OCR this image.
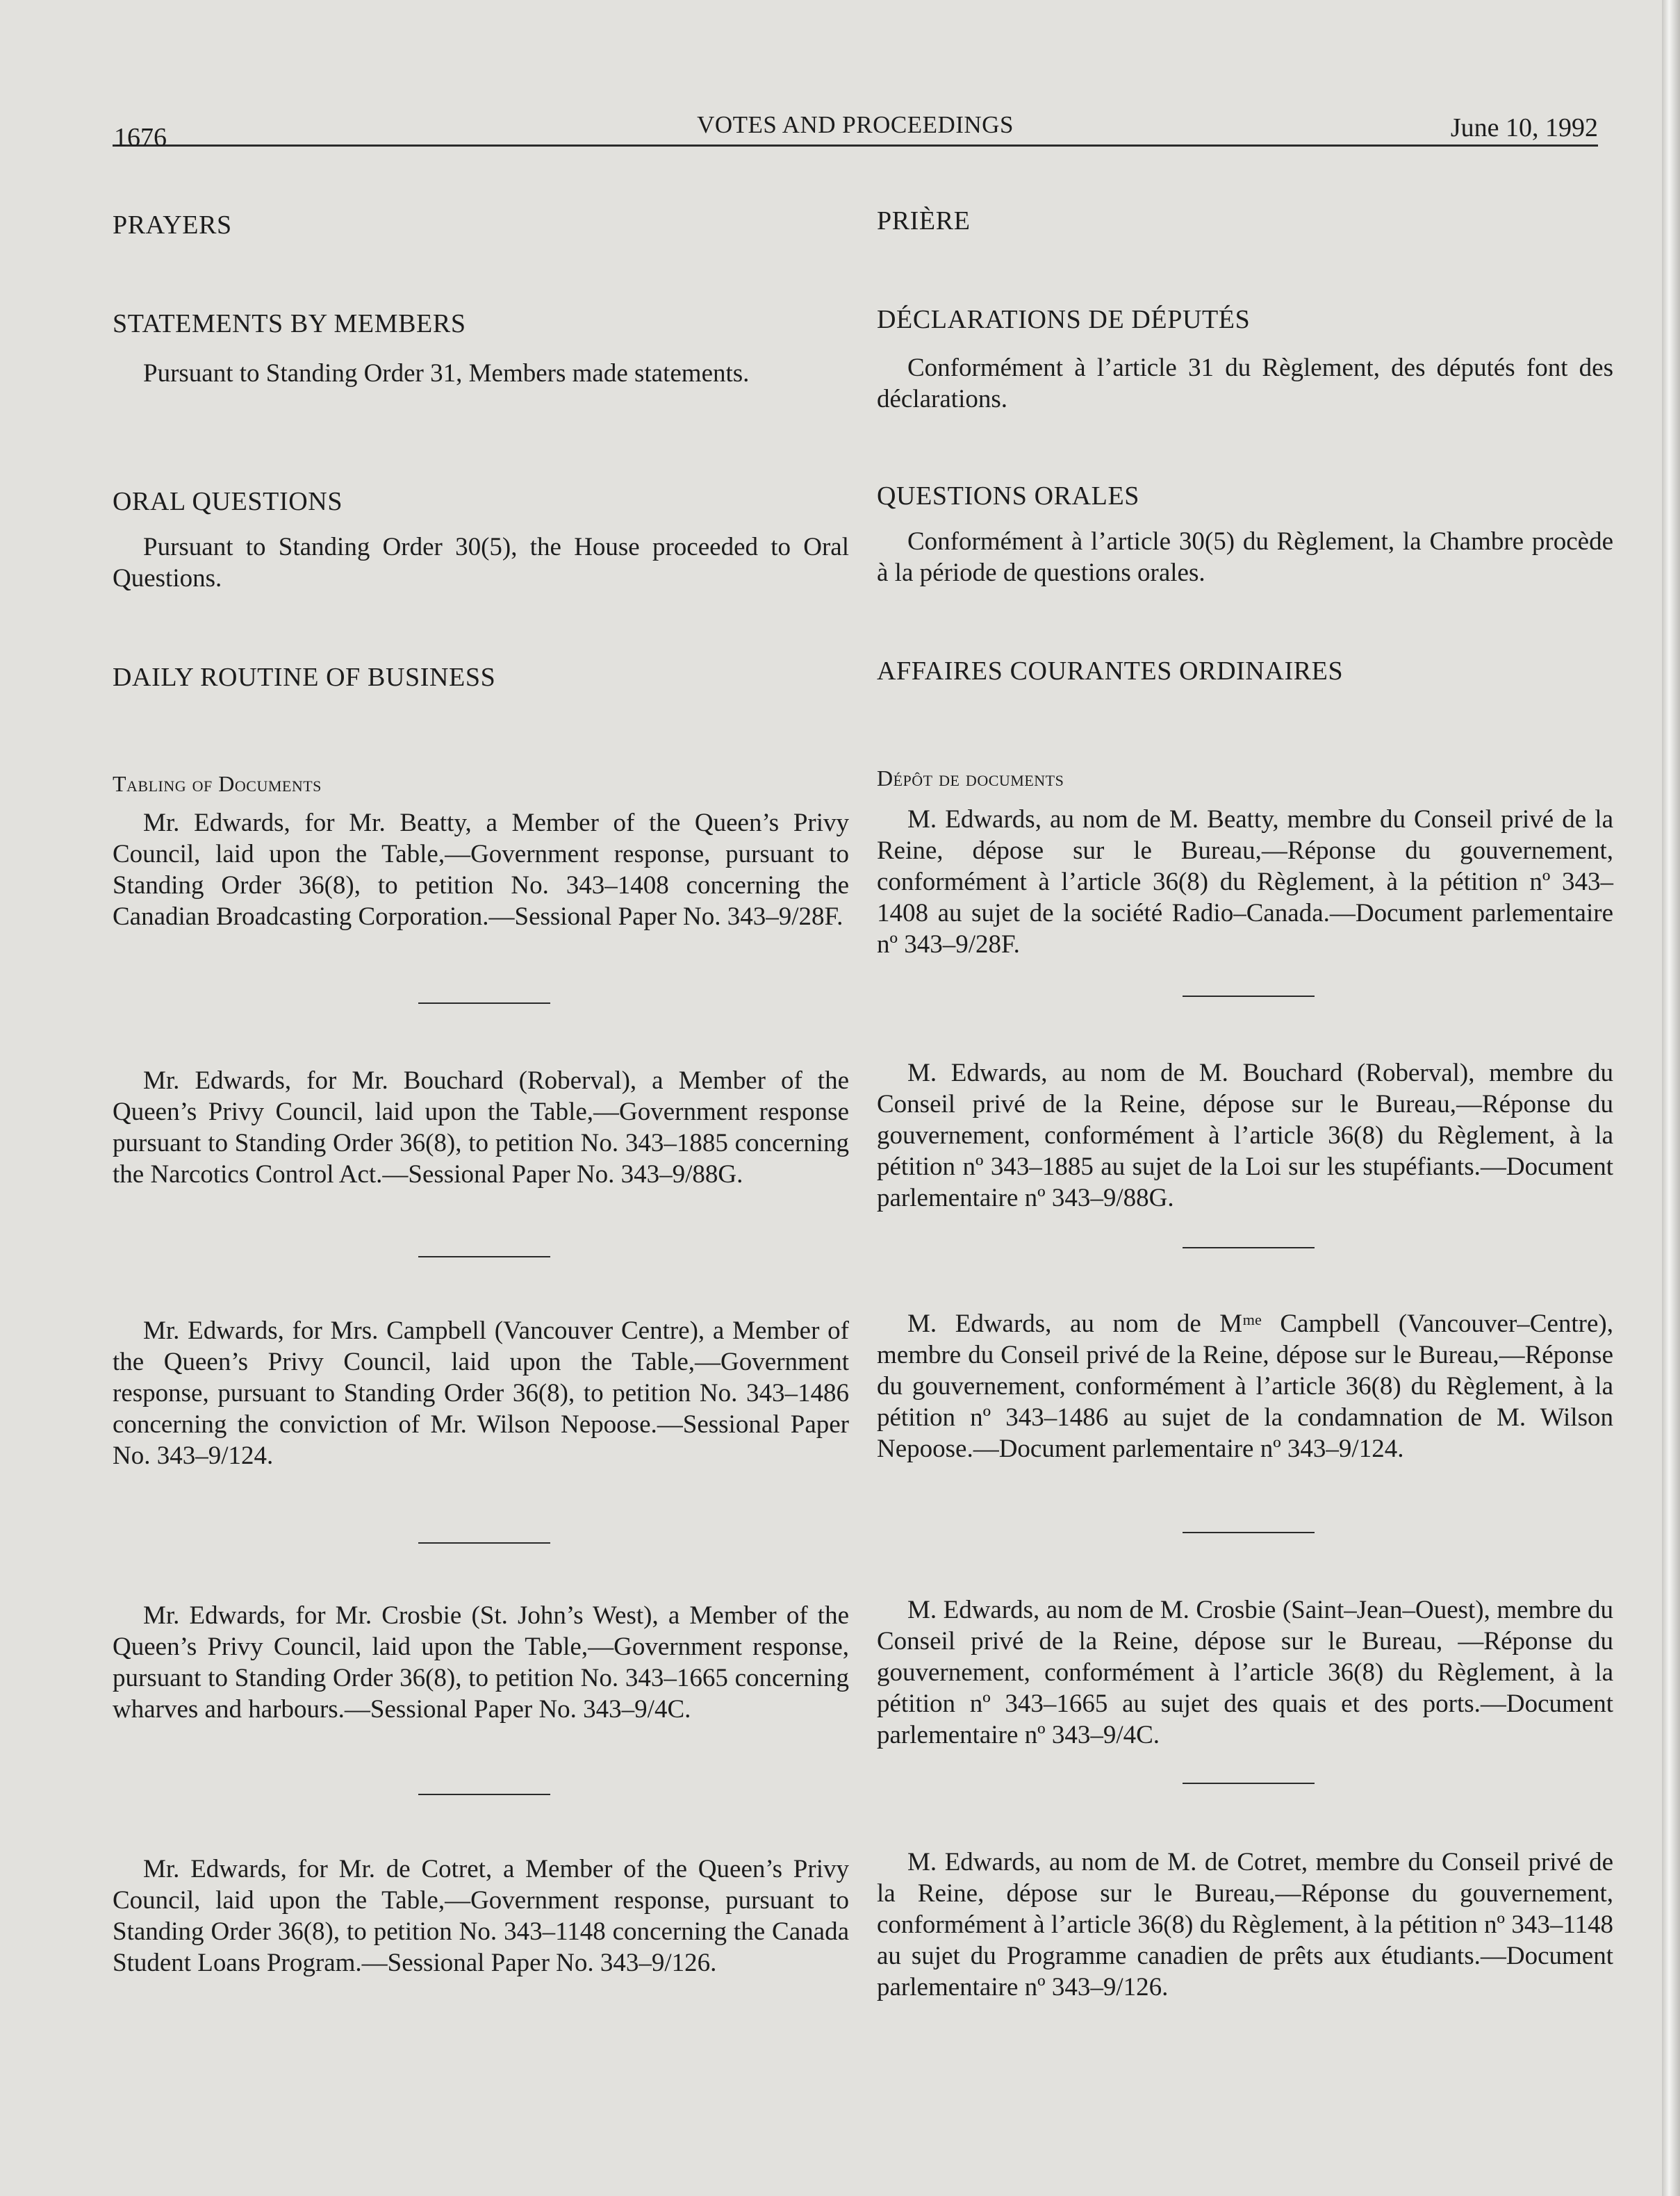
1676	VOTES AND PROCEEDINGS	June 10, 1992
PRAYERS
STATEMENTS BY MEMBERS
Pursuant to Standing Order 31, Members made statements.
ORAL QUESTIONS
Pursuant to Standing Order 30(5), the House proceeded to Oral Questions.
DAILY ROUTINE OF BUSINESS
Tabling of Documents
Mr. Edwards, for Mr. Beatty, a Member of the Queen’s Privy Council, laid upon the Table,—Government response, pursuant to Standing Order 36(8), to petition No. 343–1408 concerning the Canadian Broadcasting Corporation.—Sessional Paper No. 343–9/28F.
Mr. Edwards, for Mr. Bouchard (Roberval), a Member of the Queen’s Privy Council, laid upon the Table,—Government response pursuant to Standing Order 36(8), to petition No. 343–1885 concerning the Narcotics Control Act.—Sessional Paper No. 343–9/88G.
Mr. Edwards, for Mrs. Campbell (Vancouver Centre), a Member of the Queen’s Privy Council, laid upon the Table,—Government response, pursuant to Standing Order 36(8), to petition No. 343–1486 concerning the conviction of Mr. Wilson Nepoose.—Sessional Paper No. 343–9/124.
Mr. Edwards, for Mr. Crosbie (St. John’s West), a Member of the Queen’s Privy Council, laid upon the Table,—Government response, pursuant to Standing Order 36(8), to petition No. 343–1665 concerning wharves and harbours.—Sessional Paper No. 343–9/4C.
Mr. Edwards, for Mr. de Cotret, a Member of the Queen’s Privy Council, laid upon the Table,—Government response, pursuant to Standing Order 36(8), to petition No. 343–1148 concerning the Canada Student Loans Program.—Sessional Paper No. 343–9/126.
PRIÈRE
DÉCLARATIONS DE DÉPUTÉS
Conformément à l’article 31 du Règlement, des députés font des déclarations.
QUESTIONS ORALES
Conformément à l’article 30(5) du Règlement, la Chambre procède à la période de questions orales.
AFFAIRES COURANTES ORDINAIRES
Dépôt de documents
M. Edwards, au nom de M. Beatty, membre du Conseil privé de la Reine, dépose sur le Bureau,—Réponse du gouvernement, conformément à l’article 36(8) du Règlement, à la pétition nº 343–1408 au sujet de la société Radio–Canada.—Document parlementaire nº 343–9/28F.
M. Edwards, au nom de M. Bouchard (Roberval), membre du Conseil privé de la Reine, dépose sur le Bureau,—Réponse du gouvernement, conformément à l’article 36(8) du Règlement, à la pétition nº 343–1885 au sujet de la Loi sur les stupéfiants.—Document parlementaire nº 343–9/88G.
M. Edwards, au nom de Mᵐᵉ Campbell (Vancouver–Centre), membre du Conseil privé de la Reine, dépose sur le Bureau,—Réponse du gouvernement, conformément à l’article 36(8) du Règlement, à la pétition nº 343–1486 au sujet de la condamnation de M. Wilson Nepoose.—Document parlementaire nº 343–9/124.
M. Edwards, au nom de M. Crosbie (Saint–Jean–Ouest), membre du Conseil privé de la Reine, dépose sur le Bureau, —Réponse du gouvernement, conformément à l’article 36(8) du Règlement, à la pétition nº 343–1665 au sujet des quais et des ports.—Document parlementaire nº 343–9/4C.
M. Edwards, au nom de M. de Cotret, membre du Conseil privé de la Reine, dépose sur le Bureau,—Réponse du gouvernement, conformément à l’article 36(8) du Règlement, à la pétition nº 343–1148 au sujet du Programme canadien de prêts aux étudiants.—Document parlementaire nº 343–9/126.
